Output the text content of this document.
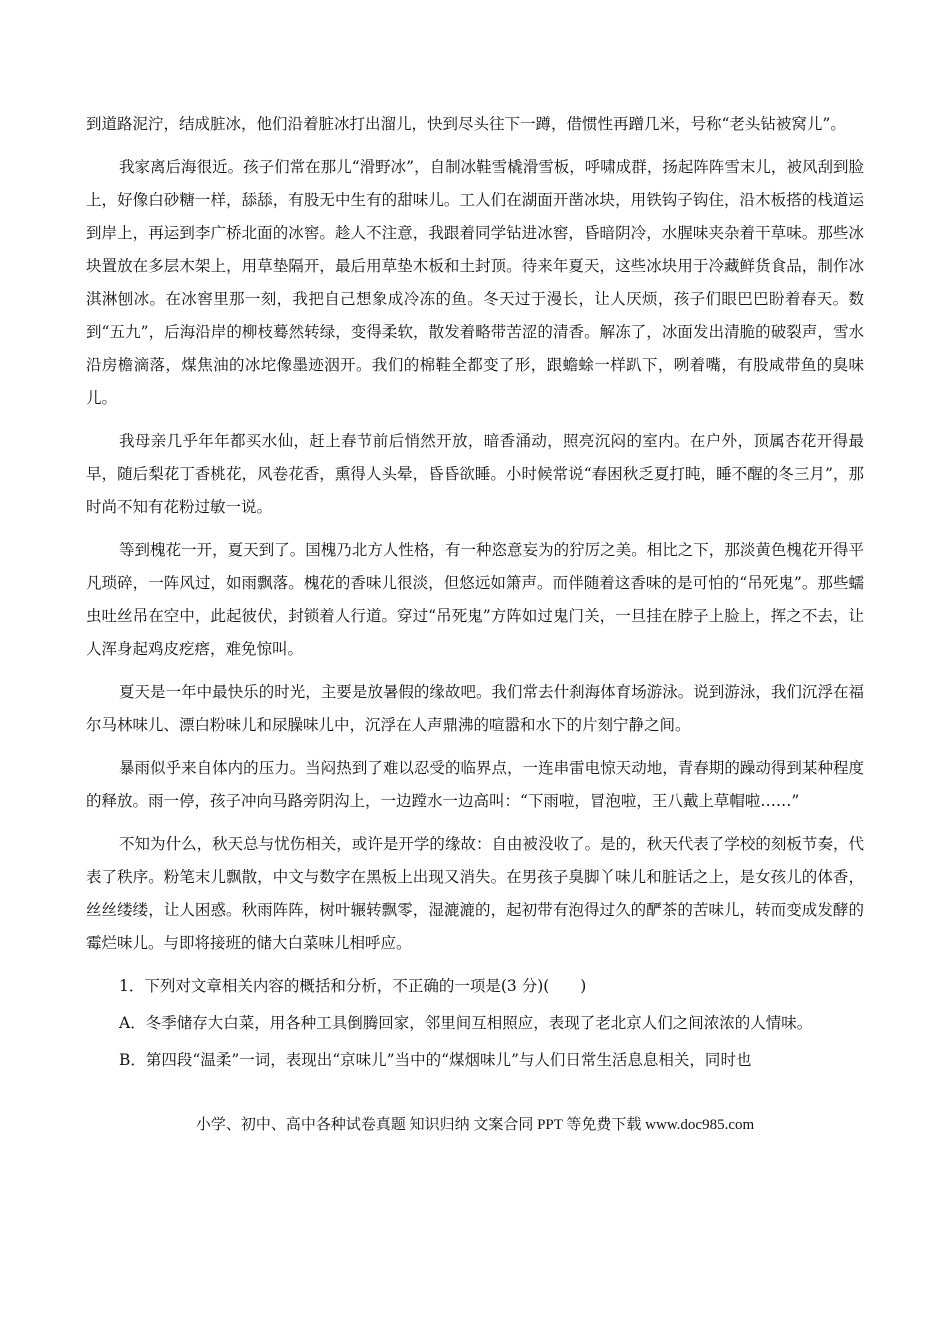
到道路泥泞，结成脏冰，他们沿着脏冰打出溜儿，快到尽头往下一蹲，借惯性再蹭几米，号称“老头钻被窝儿”。

我家离后海很近。孩子们常在那儿“滑野冰”，自制冰鞋雪橇滑雪板，呼啸成群，扬起阵阵雪末儿，被风刮到脸上，好像白砂糖一样，舔舔，有股无中生有的甜味儿。工人们在湖面开凿冰块，用铁钩子钩住，沿木板搭的栈道运到岸上，再运到李广桥北面的冰窖。趁人不注意，我跟着同学钻进冰窖，昏暗阴冷，水腥味夹杂着干草味。那些冰块置放在多层木架上，用草垫隔开，最后用草垫木板和土封顶。待来年夏天，这些冰块用于冷藏鲜货食品，制作冰淇淋刨冰。在冰窖里那一刻，我把自己想象成冷冻的鱼。冬天过于漫长，让人厌烦，孩子们眼巴巴盼着春天。数到“五九”，后海沿岸的柳枝蓦然转绿，变得柔软，散发着略带苦涩的清香。解冻了，冰面发出清脆的破裂声，雪水沿房檐滴落，煤焦油的冰坨像墨迹洇开。我们的棉鞋全都变了形，跟蟾蜍一样趴下，咧着嘴，有股咸带鱼的臭味儿。

我母亲几乎年年都买水仙，赶上春节前后悄然开放，暗香涌动，照亮沉闷的室内。在户外，顶属杏花开得最早，随后梨花丁香桃花，风卷花香，熏得人头晕，昏昏欲睡。小时候常说“春困秋乏夏打盹，睡不醒的冬三月”，那时尚不知有花粉过敏一说。

等到槐花一开，夏天到了。国槐乃北方人性格，有一种恣意妄为的狞厉之美。相比之下，那淡黄色槐花开得平凡琐碎，一阵风过，如雨飘落。槐花的香味儿很淡，但悠远如箫声。而伴随着这香味的是可怕的“吊死鬼”。那些蠕虫吐丝吊在空中，此起彼伏，封锁着人行道。穿过“吊死鬼”方阵如过鬼门关，一旦挂在脖子上脸上，挥之不去，让人浑身起鸡皮疙瘩，难免惊叫。

夏天是一年中最快乐的时光，主要是放暑假的缘故吧。我们常去什刹海体育场游泳。说到游泳，我们沉浮在福尔马林味儿、漂白粉味儿和尿臊味儿中，沉浮在人声鼎沸的喧嚣和水下的片刻宁静之间。

暴雨似乎来自体内的压力。当闷热到了难以忍受的临界点，一连串雷电惊天动地，青春期的躁动得到某种程度的释放。雨一停，孩子冲向马路旁阴沟上，一边蹚水一边高叫：“下雨啦，冒泡啦，王八戴上草帽啦……”

不知为什么，秋天总与忧伤相关，或许是开学的缘故：自由被没收了。是的，秋天代表了学校的刻板节奏，代表了秩序。粉笔末儿飘散，中文与数字在黑板上出现又消失。在男孩子臭脚丫味儿和脏话之上，是女孩儿的体香，丝丝缕缕，让人困惑。秋雨阵阵，树叶辗转飘零，湿漉漉的，起初带有泡得过久的酽茶的苦味儿，转而变成发酵的霉烂味儿。与即将接班的储大白菜味儿相呼应。

1．下列对文章相关内容的概括和分析，不正确的一项是(3 分)(　　)

A．冬季储存大白菜，用各种工具倒腾回家，邻里间互相照应，表现了老北京人们之间浓浓的人情味。

B．第四段“温柔”一词，表现出“京味儿”当中的“煤烟味儿”与人们日常生活息息相关，同时也

小学、初中、高中各种试卷真题 知识归纳 文案合同 PPT 等免费下载 www.doc985.com
